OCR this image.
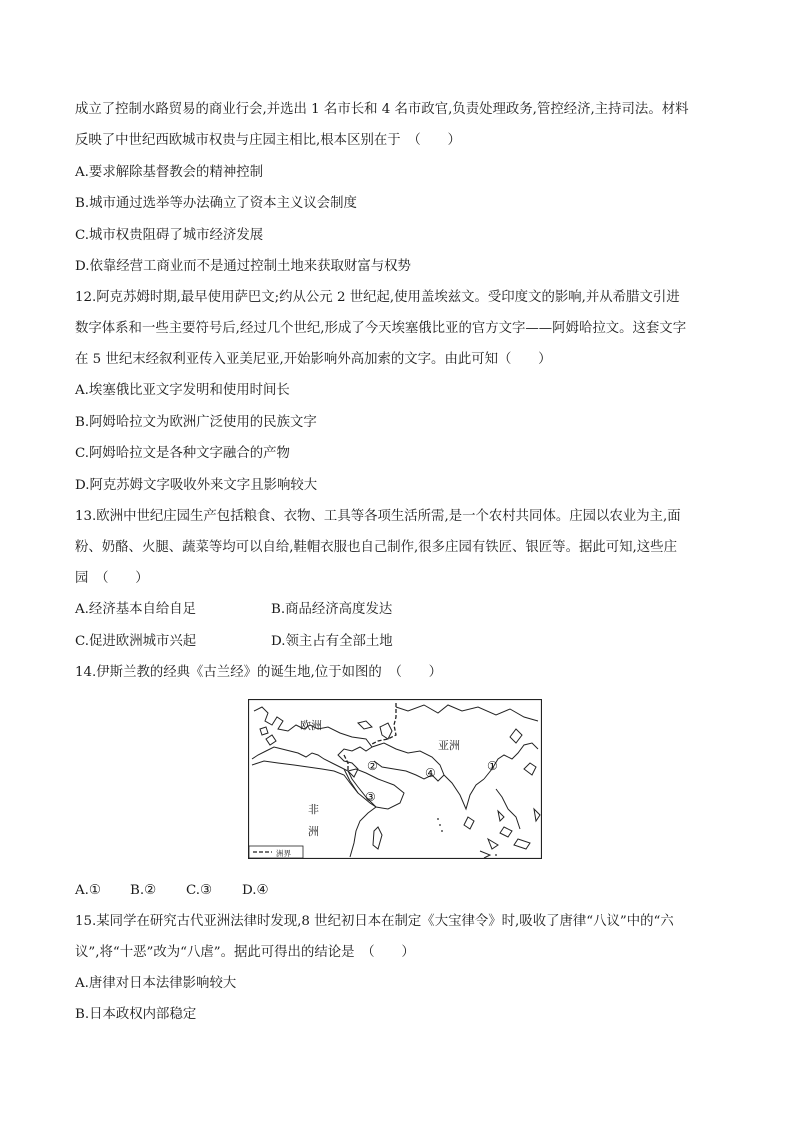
成立了控制水路贸易的商业行会,并选出 1 名市长和 4 名市政官,负责处理政务,管控经济,主持司法。材料
反映了中世纪西欧城市权贵与庄园主相比,根本区别在于　（　　）
A.要求解除基督教会的精神控制
B.城市通过选举等办法确立了资本主义议会制度
C.城市权贵阻碍了城市经济发展
D.依靠经营工商业而不是通过控制土地来获取财富与权势
12.阿克苏姆时期,最早使用萨巴文;约从公元 2 世纪起,使用盖埃兹文。受印度文的影响,并从希腊文引进
数字体系和一些主要符号后,经过几个世纪,形成了今天埃塞俄比亚的官方文字——阿姆哈拉文。这套文字
在 5 世纪末经叙利亚传入亚美尼亚,开始影响外高加索的文字。由此可知（　　）
A.埃塞俄比亚文字发明和使用时间长
B.阿姆哈拉文为欧洲广泛使用的民族文字
C.阿姆哈拉文是各种文字融合的产物
D.阿克苏姆文字吸收外来文字且影响较大
13.欧洲中世纪庄园生产包括粮食、衣物、工具等各项生活所需,是一个农村共同体。庄园以农业为主,面
粉、奶酪、火腿、蔬菜等均可以自给,鞋帽衣服也自己制作,很多庄园有铁匠、银匠等。据此可知,这些庄
园　（　　）
A.经济基本自给自足	B.商品经济高度发达
C.促进欧洲城市兴起	D.领主占有全部土地
14.伊斯兰教的经典《古兰经》的诞生地,位于如图的　（　　）
欧洲
亚洲
非
洲
①
②
③
④
洲界
A.① B.② C.③ D.④
15.某同学在研究古代亚洲法律时发现,8 世纪初日本在制定《大宝律令》时,吸收了唐律“八议”中的“六
议”,将“十恶”改为“八虐”。据此可得出的结论是　（　　）
A.唐律对日本法律影响较大
B.日本政权内部稳定
